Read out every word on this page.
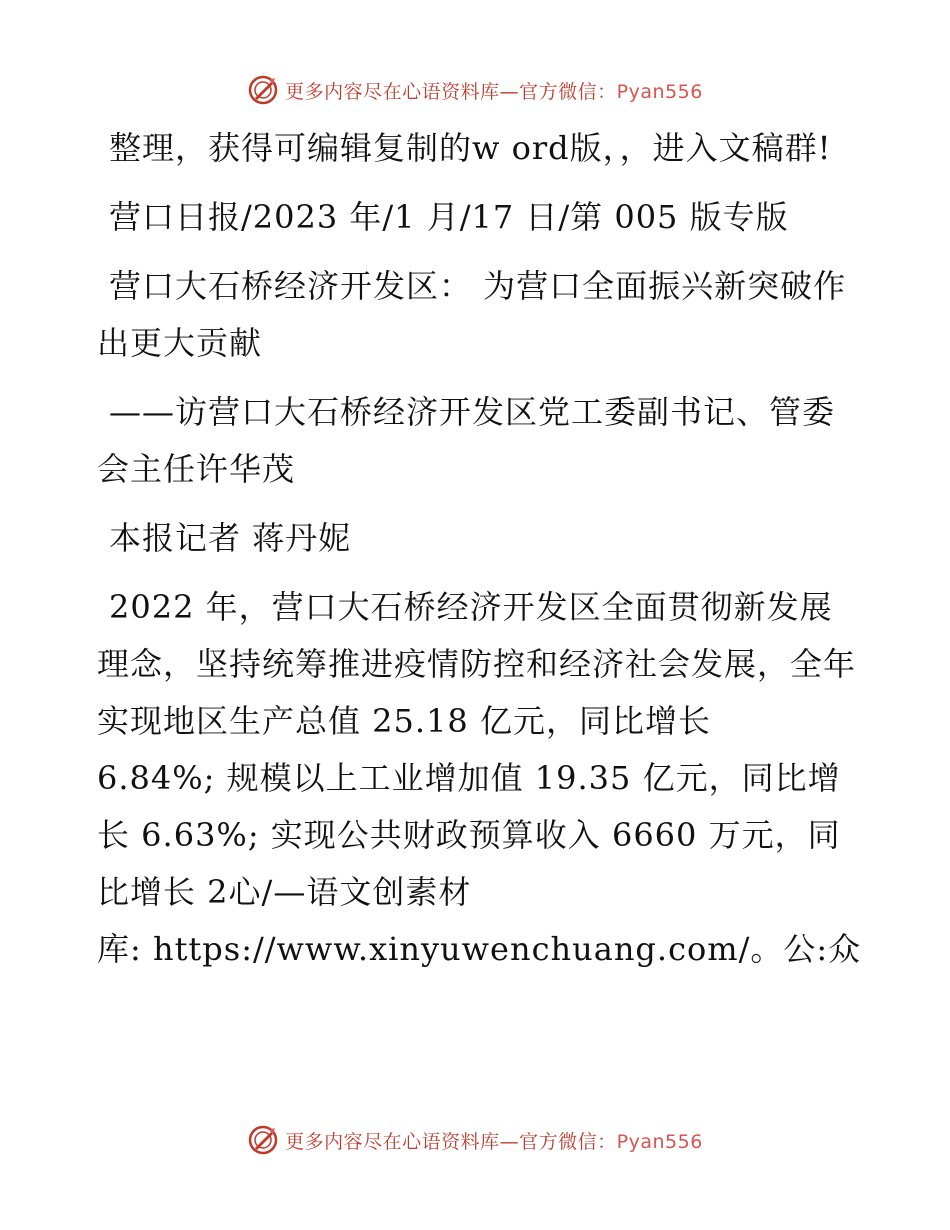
更多内容尽在心语资料库—官方微信：Pyan556

整理，获得可编辑复制的w ord版，，进入文稿群!

营口日报/2023 年/1 月/17 日/第 005 版专版

营口大石桥经济开发区： 为营口全面振兴新突破作出更大贡献

——访营口大石桥经济开发区党工委副书记、管委会主任许华茂

本报记者 蒋丹妮

2022 年，营口大石桥经济开发区全面贯彻新发展理念，坚持统筹推进疫情防控和经济社会发展，全年实现地区生产总值 25.18 亿元，同比增长

6.84%; 规模以上工业增加值 19.35 亿元，同比增长 6.63%; 实现公共财政预算收入 6660 万元，同比增长 2心/—语文创素材

库: https://www.xinyuwenchuang.com/。公:众
更多内容尽在心语资料库—官方微信：Pyan556
